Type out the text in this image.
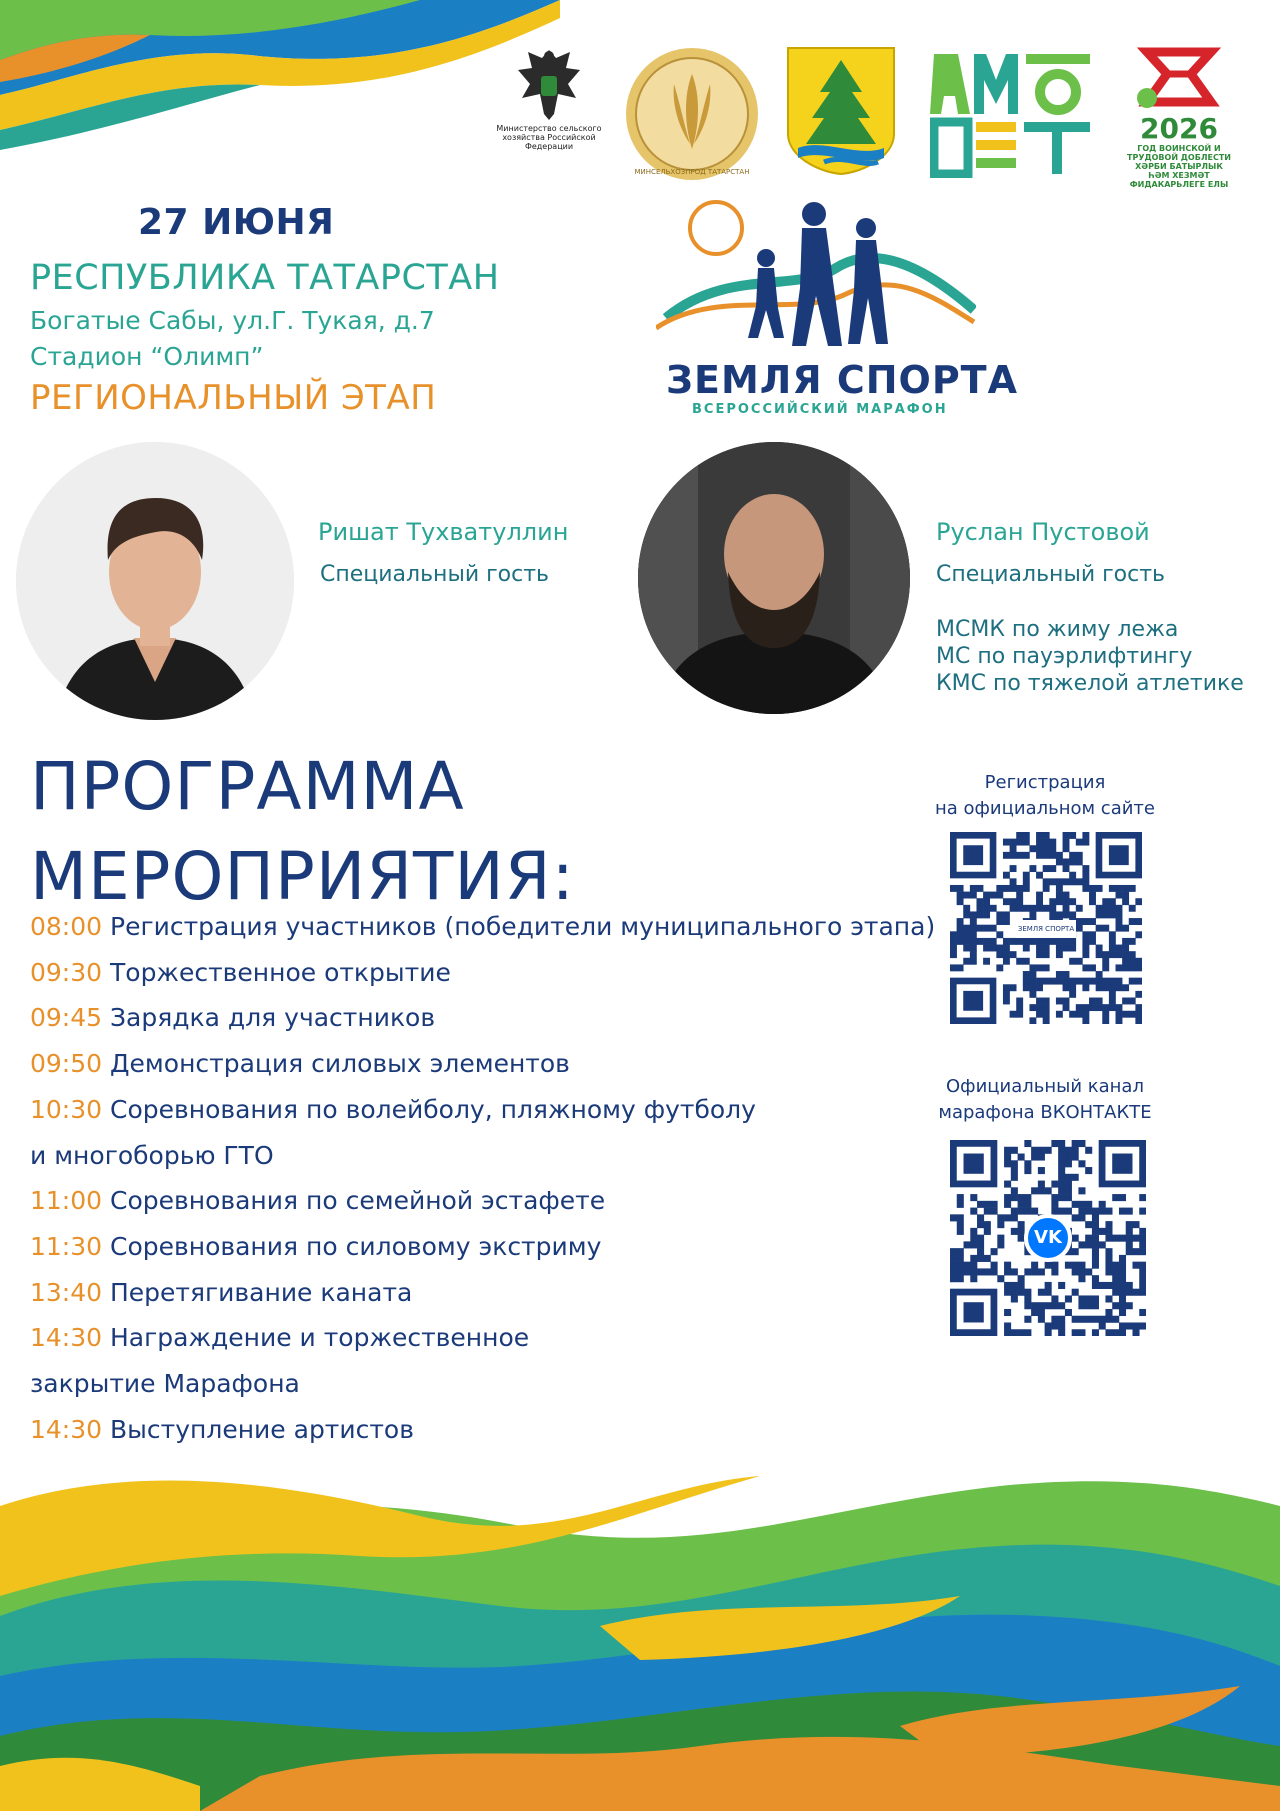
Министерство сельского хозяйства Российской Федерации
МИНСЕЛЬХОЗПРОД ТАТАРСТАН
2026
ГОД ВОИНСКОЙ И ТРУДОВОЙ ДОБЛЕСТИ ХӘРБИ БАТЫРЛЫК ҺӘМ ХЕЗМӘТ ФИДАКАРЬЛЕГЕ ЕЛЫ
27 ИЮНЯ
РЕСПУБЛИКА ТАТАРСТАН
Богатые Сабы, ул.Г. Тукая, д.7
Стадион “Олимп”
РЕГИОНАЛЬНЫЙ ЭТАП	ЗЕМЛЯ СПОРТА
ВСЕРОССИЙСКИЙ МАРАФОН
Ришат Тухватуллин
Специальный гость
Руслан Пустовой
Специальный гость
МСМК по жиму лежа
МС по пауэрлифтингу
КМС по тяжелой атлетике
ПРОГРАММА
МЕРОПРИЯТИЯ:
08:00 Регистрация участников (победители муниципального этапа)
09:30 Торжественное открытие
09:45 Зарядка для участников
09:50 Демонстрация силовых элементов
10:30 Соревнования по волейболу, пляжному футболу
и многоборью ГТО
11:00 Соревнования по семейной эстафете
11:30 Соревнования по силовому экстриму
13:40 Перетягивание каната
14:30 Награждение и торжественное
закрытие Марафона
14:30 Выступление артистов
Регистрация
на официальном сайте
ЗЕМЛЯ СПОРТА
Официальный канал
марафона ВКОНТАКТЕ
VK
